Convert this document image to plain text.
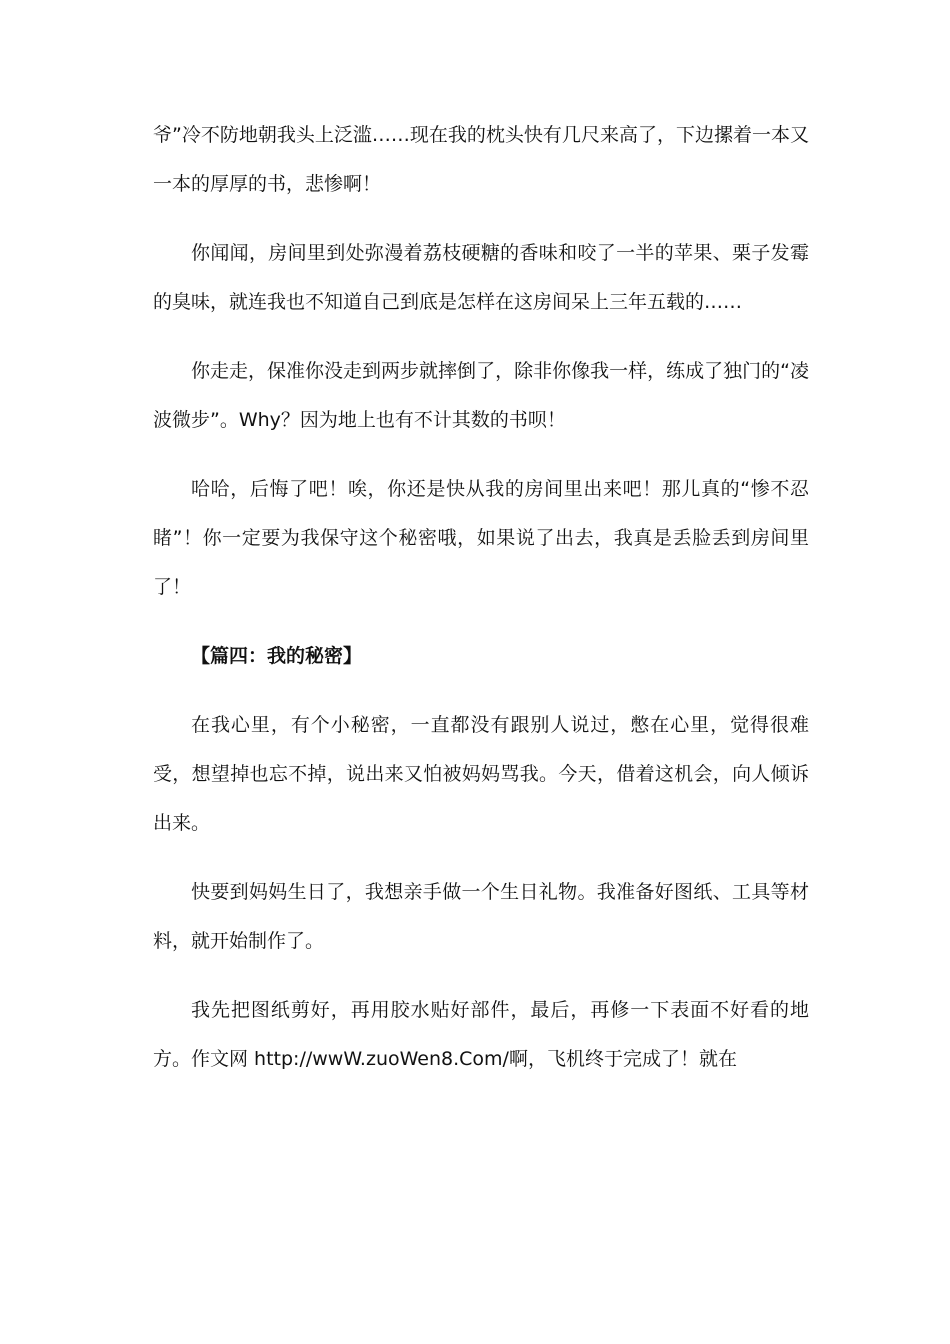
爷”冷不防地朝我头上泛滥……现在我的枕头快有几尺来高了，下边摞着一本又一本的厚厚的书，悲惨啊！

你闻闻，房间里到处弥漫着荔枝硬糖的香味和咬了一半的苹果、栗子发霉的臭味，就连我也不知道自己到底是怎样在这房间呆上三年五载的……

你走走，保准你没走到两步就摔倒了，除非你像我一样，练成了独门的“凌波微步”。Why？因为地上也有不计其数的书呗！

哈哈，后悔了吧！唉，你还是快从我的房间里出来吧！那儿真的“惨不忍睹”！你一定要为我保守这个秘密哦，如果说了出去，我真是丢脸丢到房间里了！

【篇四：我的秘密】

在我心里，有个小秘密，一直都没有跟别人说过，憋在心里，觉得很难受，想望掉也忘不掉，说出来又怕被妈妈骂我。今天，借着这机会，向人倾诉出来。

快要到妈妈生日了，我想亲手做一个生日礼物。我准备好图纸、工具等材料，就开始制作了。

我先把图纸剪好，再用胶水贴好部件，最后，再修一下表面不好看的地方。作文网 http://wwW.zuoWen8.Com/啊，飞机终于完成了！就在
